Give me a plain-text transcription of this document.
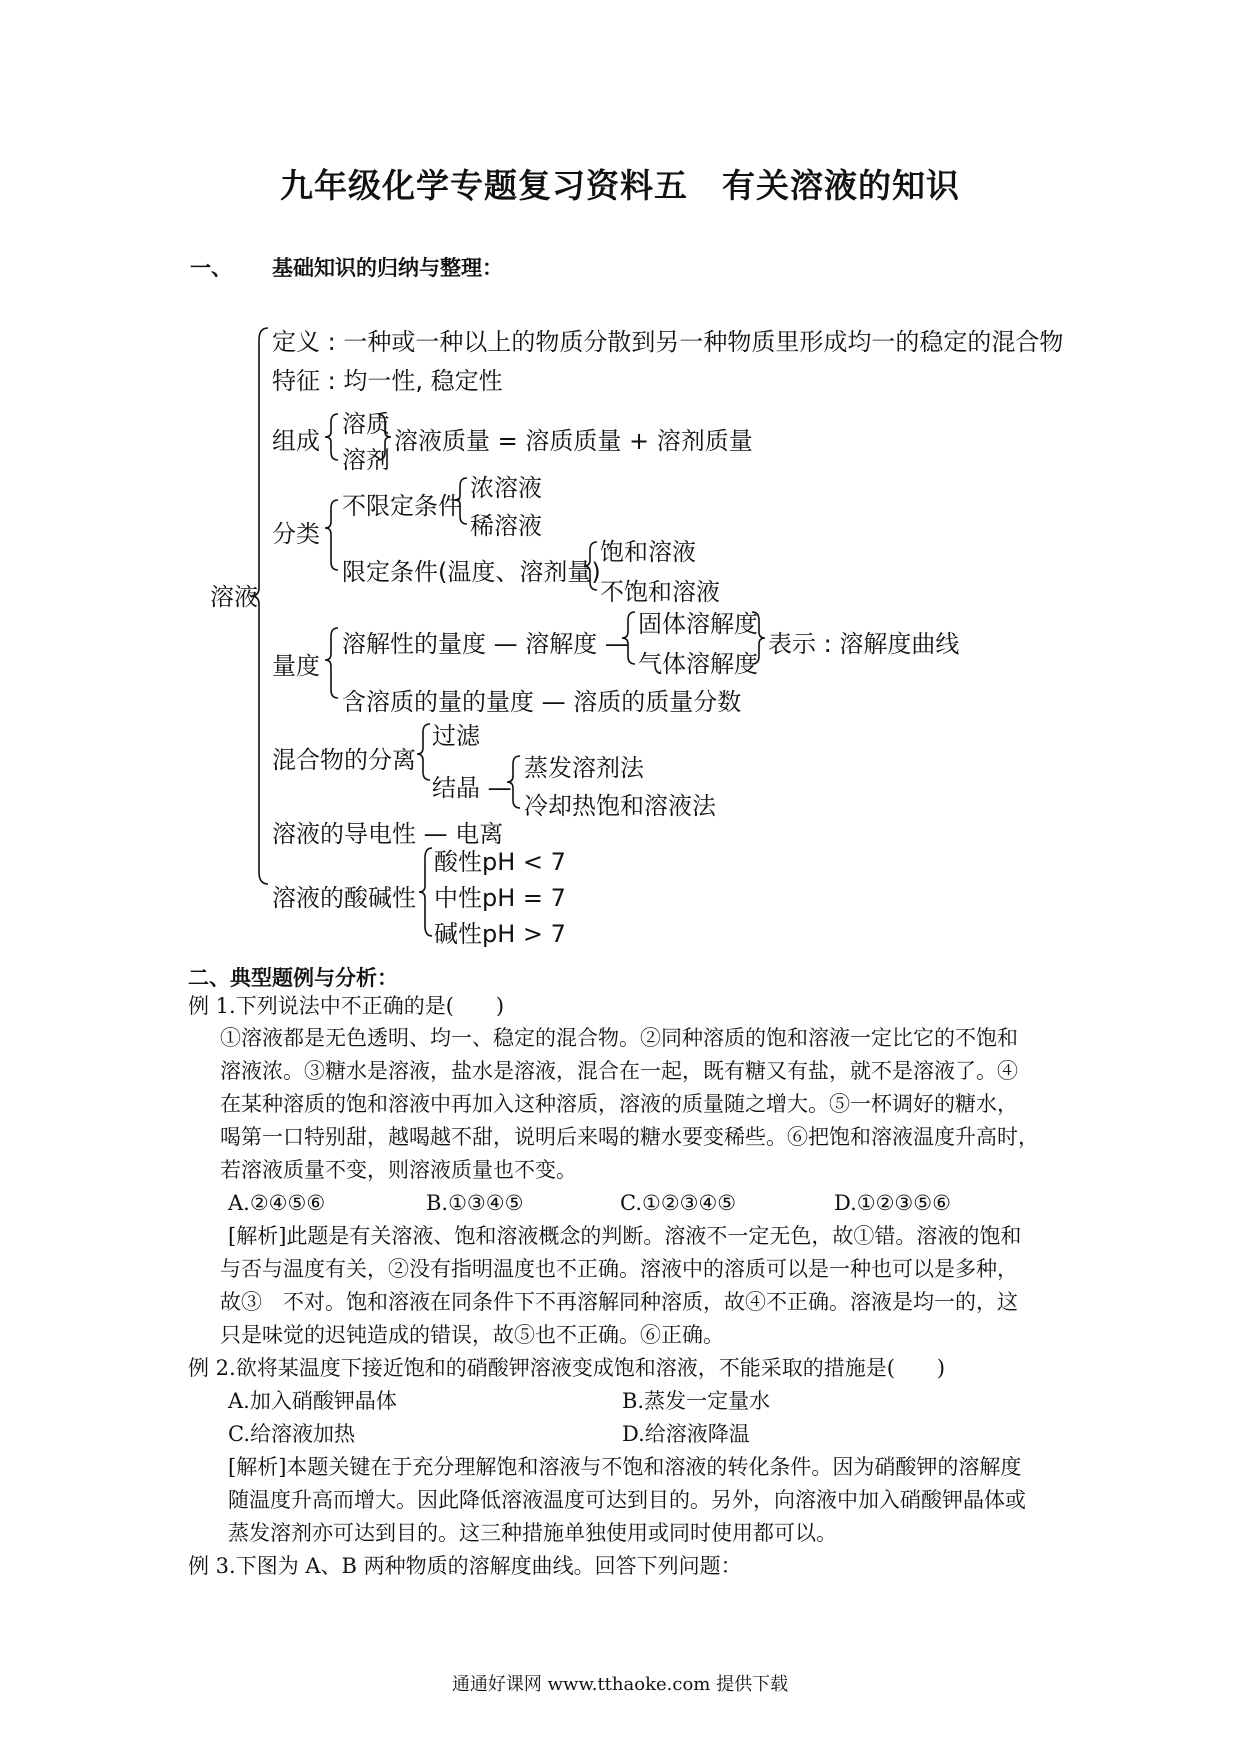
九年级化学专题复习资料五　有关溶液的知识
一、 基础知识的归纳与整理：
溶液
定义 : 一种或一种以上的物质分散到另一种物质里形成均一的稳定的混合物
特征 : 均一性, 稳定性
组成
溶质
溶剂
溶液质量 = 溶质质量 + 溶剂质量
分类
不限定条件
浓溶液
稀溶液
限定条件(温度、溶剂量)
饱和溶液
不饱和溶液
量度
溶解性的量度 — 溶解度 —
固体溶解度
气体溶解度
表示 : 溶解度曲线
含溶质的量的量度 — 溶质的质量分数
混合物的分离
过滤
结晶 —
蒸发溶剂法
冷却热饱和溶液法
溶液的导电性 — 电离
溶液的酸碱性
酸性pH < 7
中性pH = 7
碱性pH > 7
二、典型题例与分析：
例 1.下列说法中不正确的是(　　)
①溶液都是无色透明、均一、稳定的混合物。②同种溶质的饱和溶液一定比它的不饱和
溶液浓。③糖水是溶液，盐水是溶液，混合在一起，既有糖又有盐，就不是溶液了。④
在某种溶质的饱和溶液中再加入这种溶质，溶液的质量随之增大。⑤一杯调好的糖水，
喝第一口特别甜，越喝越不甜，说明后来喝的糖水要变稀些。⑥把饱和溶液温度升高时，
若溶液质量不变，则溶液质量也不变。
A.②④⑤⑥	B.①③④⑤	C.①②③④⑤	D.①②③⑤⑥
[解析]此题是有关溶液、饱和溶液概念的判断。溶液不一定无色，故①错。溶液的饱和
与否与温度有关，②没有指明温度也不正确。溶液中的溶质可以是一种也可以是多种，
故③　不对。饱和溶液在同条件下不再溶解同种溶质，故④不正确。溶液是均一的，这
只是味觉的迟钝造成的错误，故⑤也不正确。⑥正确。
例 2.欲将某温度下接近饱和的硝酸钾溶液变成饱和溶液，不能采取的措施是(　　)
A.加入硝酸钾晶体	B.蒸发一定量水
C.给溶液加热	D.给溶液降温
[解析]本题关键在于充分理解饱和溶液与不饱和溶液的转化条件。因为硝酸钾的溶解度
随温度升高而增大。因此降低溶液温度可达到目的。另外，向溶液中加入硝酸钾晶体或
蒸发溶剂亦可达到目的。这三种措施单独使用或同时使用都可以。
例 3.下图为 A、B 两种物质的溶解度曲线。回答下列问题：
通通好课网 www.tthaoke.com 提供下载
